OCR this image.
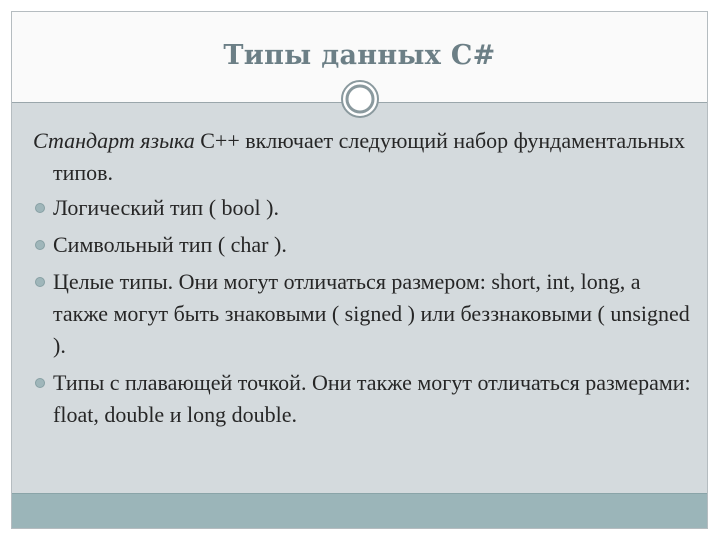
Типы данных C#

Стандарт языка С++ включает следующий набор фундаментальных типов.

Логический тип ( bool ).
Символьный тип ( char ).
Целые типы. Они могут отличаться размером: short, int, long, а также могут быть знаковыми ( signed ) или беззнаковыми ( unsigned ).
Типы с плавающей точкой. Они также могут отличаться размерами: float, double и long double.
